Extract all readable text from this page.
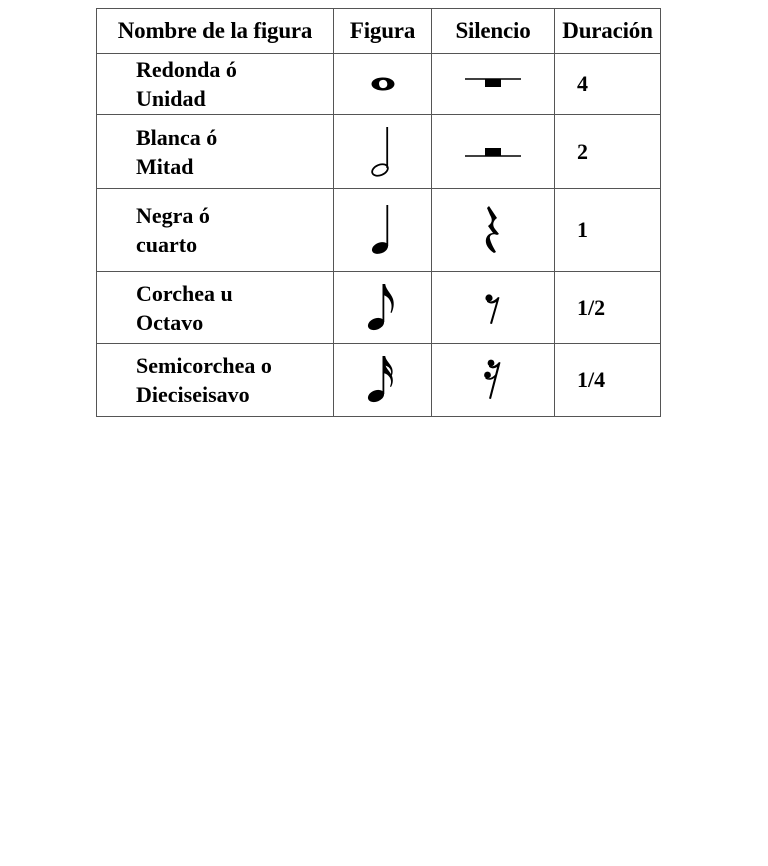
Nombre de la figura	Figura	Silencio	Duración

Redonda ó
Unidad			4

Blanca ó
Mitad			2

Negra ó
cuarto			1

Corchea u
Octavo			1/2

Semicorchea o
Dieciseisavo			1/4
